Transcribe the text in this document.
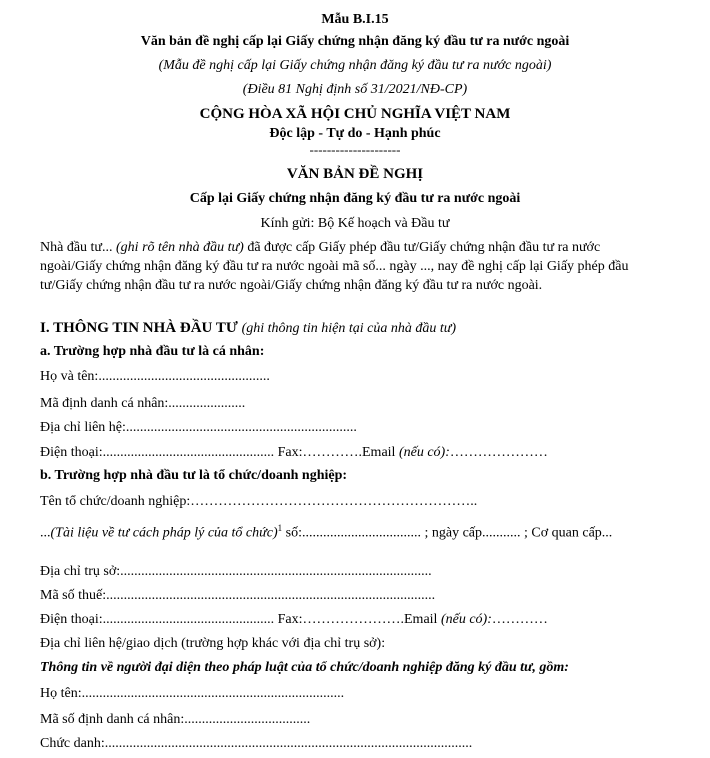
Mẫu B.I.15
Văn bản đề nghị cấp lại Giấy chứng nhận đăng ký đầu tư ra nước ngoài
(Mẫu đề nghị cấp lại Giấy chứng nhận đăng ký đầu tư ra nước ngoài)
(Điều 81 Nghị định số 31/2021/NĐ-CP)
CỘNG HÒA XÃ HỘI CHỦ NGHĨA VIỆT NAM
Độc lập - Tự do - Hạnh phúc
---------------------
VĂN BẢN ĐỀ NGHỊ
Cấp lại Giấy chứng nhận đăng ký đầu tư ra nước ngoài
Kính gửi: Bộ Kế hoạch và Đầu tư
Nhà đầu tư... (ghi rõ tên nhà đầu tư) đã được cấp Giấy phép đầu tư/Giấy chứng nhận đầu tư ra nước ngoài/Giấy chứng nhận đăng ký đầu tư ra nước ngoài mã số... ngày ..., nay đề nghị cấp lại Giấy phép đầu tư/Giấy chứng nhận đầu tư ra nước ngoài/Giấy chứng nhận đăng ký đầu tư ra nước ngoài.
I. THÔNG TIN NHÀ ĐẦU TƯ (ghi thông tin hiện tại của nhà đầu tư)
a. Trường hợp nhà đầu tư là cá nhân:
Họ và tên:.................................................
Mã định danh cá nhân:......................
Địa chỉ liên hệ:..................................................................
Điện thoại:................................................. Fax:………….Email (nếu có):…………………
b. Trường hợp nhà đầu tư là tổ chức/doanh nghiệp:
Tên tổ chức/doanh nghiệp:……………………………………………………..
...(Tài liệu về tư cách pháp lý của tổ chức)$^1$ số:.................................. ; ngày cấp........... ; Cơ quan cấp...
Địa chỉ trụ sở:.........................................................................................
Mã số thuế:..............................................................................................
Điện thoại:................................................. Fax:………………….Email (nếu có):…………
Địa chỉ liên hệ/giao dịch (trường hợp khác với địa chỉ trụ sở):
Thông tin về người đại diện theo pháp luật của tổ chức/doanh nghiệp đăng ký đầu tư, gồm:
Họ tên:...........................................................................
Mã số định danh cá nhân:....................................
Chức danh:.........................................................................................................
